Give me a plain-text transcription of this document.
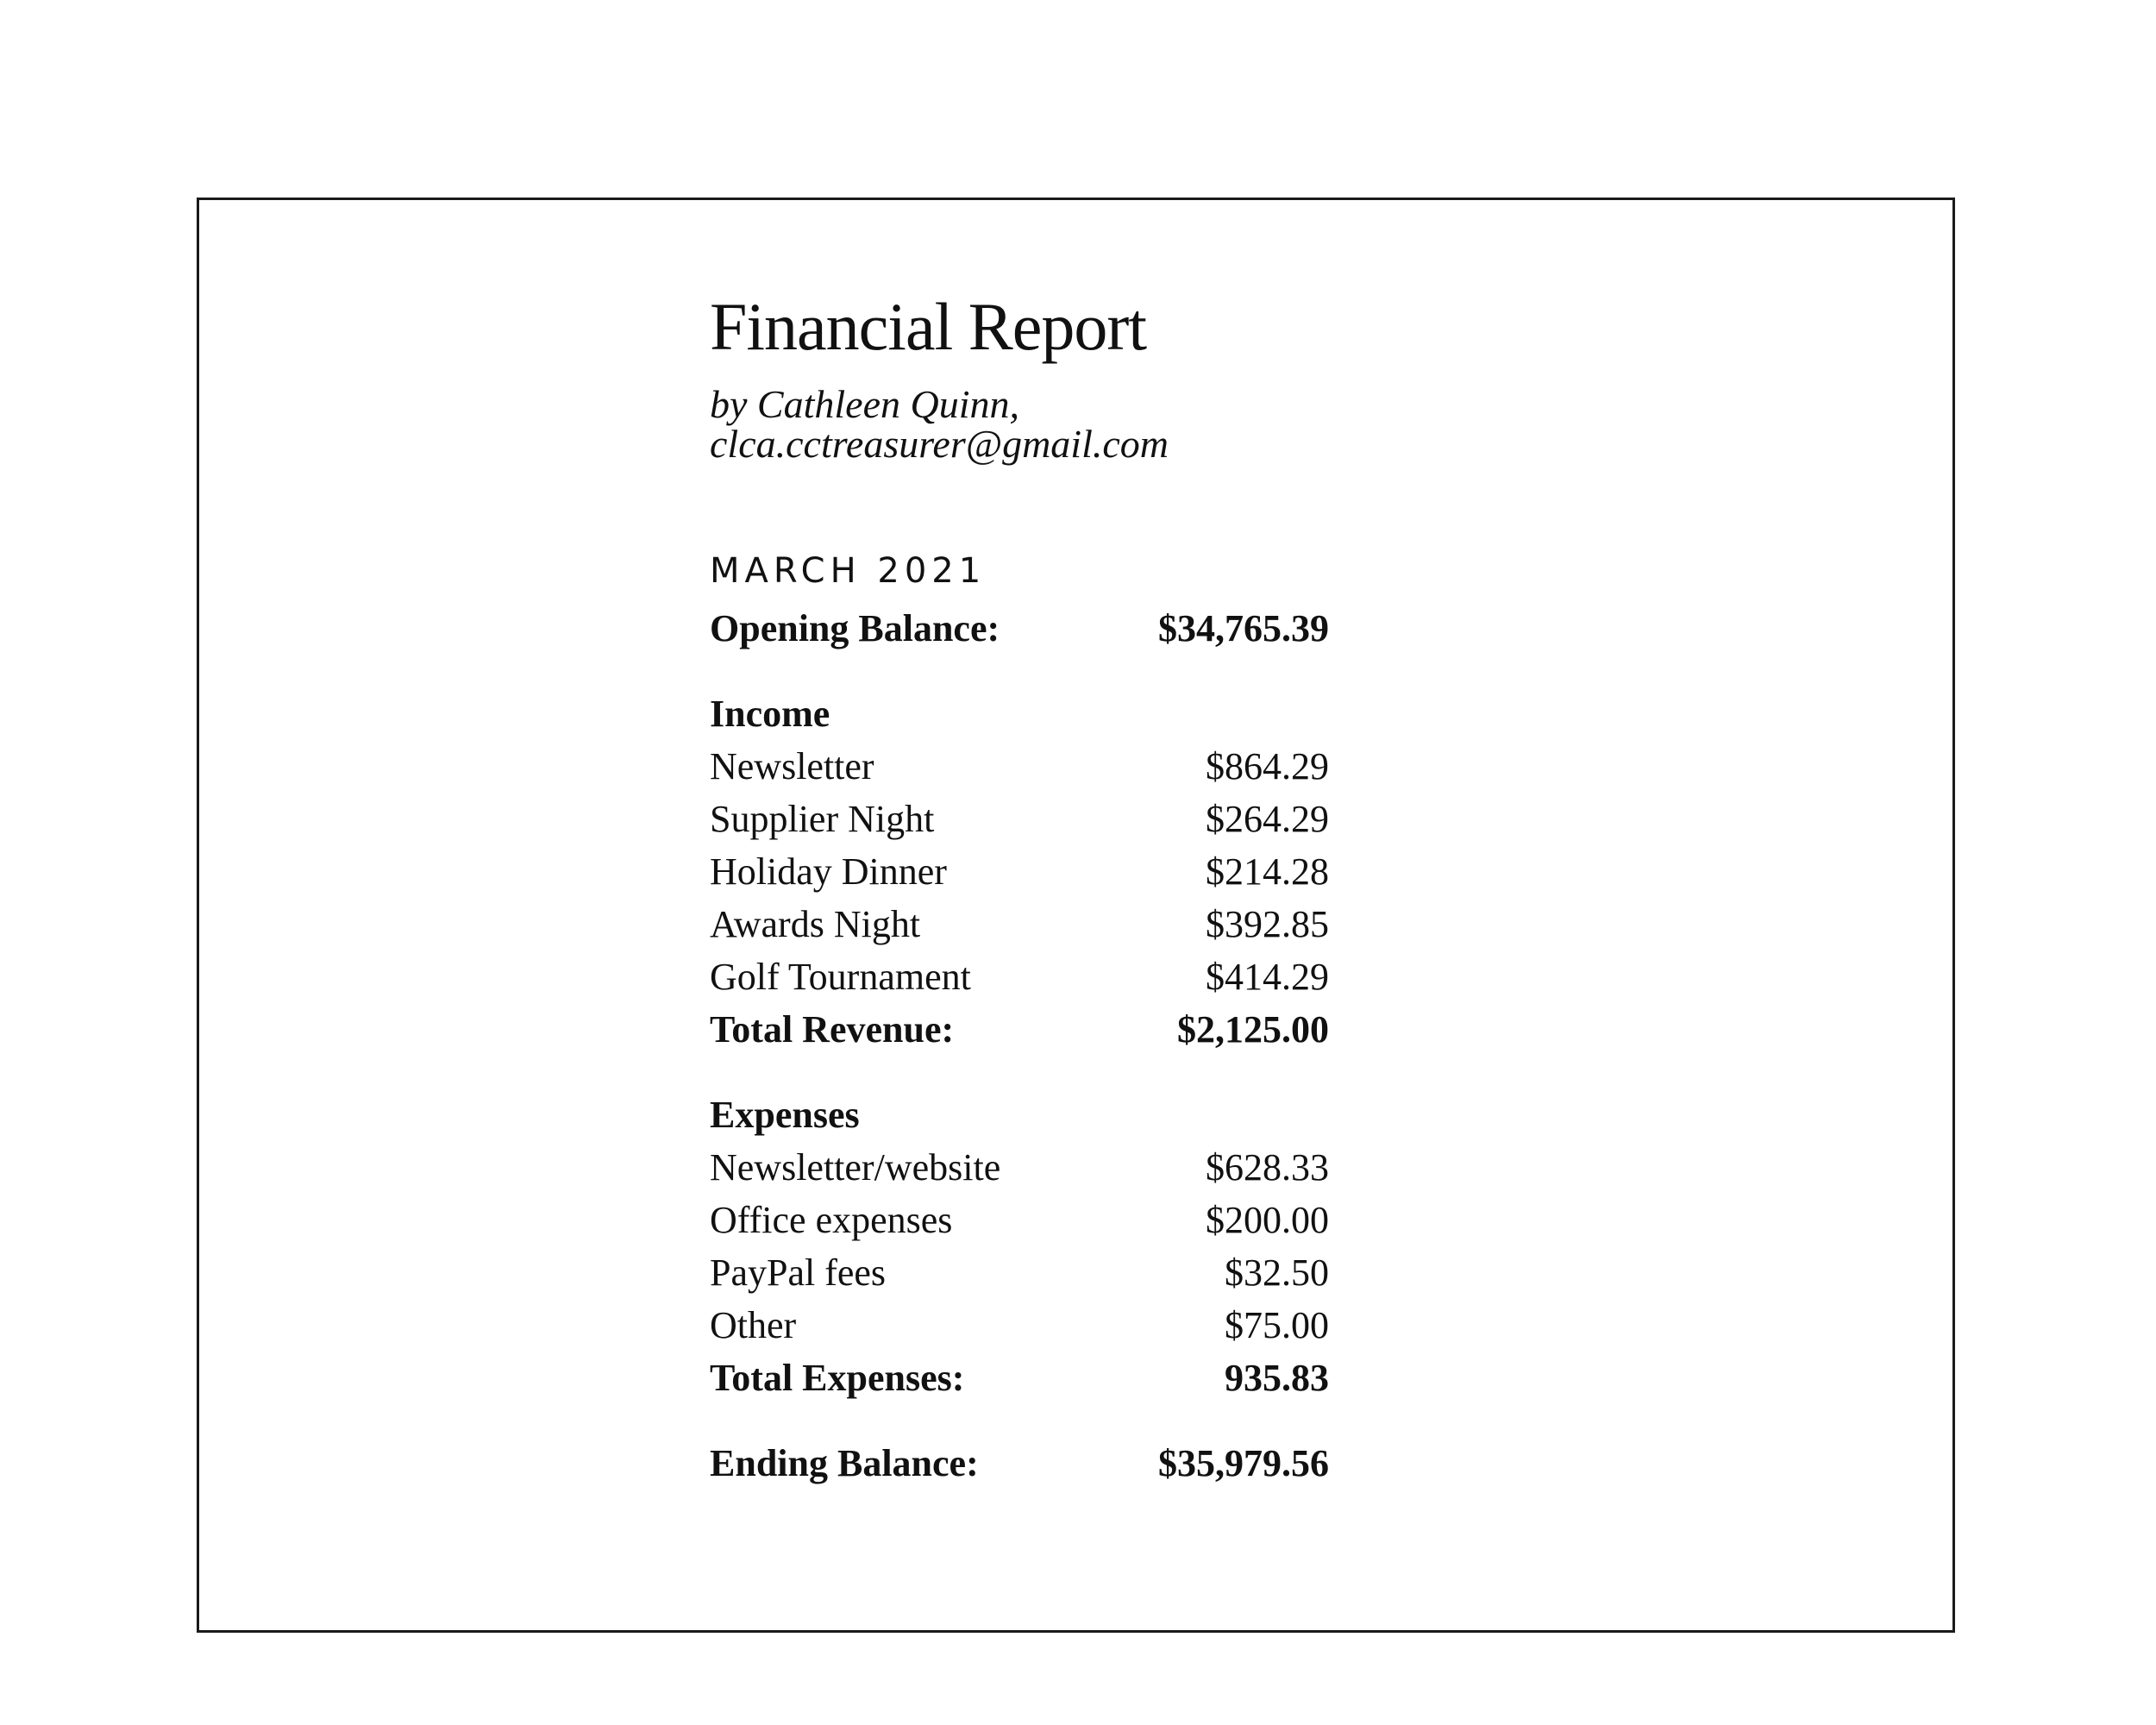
Financial Report
by Cathleen Quinn, clca.cctreasurer@gmail.com
MARCH 2021
Opening Balance:	$34,765.39
Income
Newsletter	$864.29
Supplier Night	$264.29
Holiday Dinner	$214.28
Awards Night	$392.85
Golf Tournament	$414.29
Total Revenue:	$2,125.00
Expenses
Newsletter/website	$628.33
Office expenses	$200.00
PayPal fees	$32.50
Other	$75.00
Total Expenses:	935.83
Ending Balance:	$35,979.56
